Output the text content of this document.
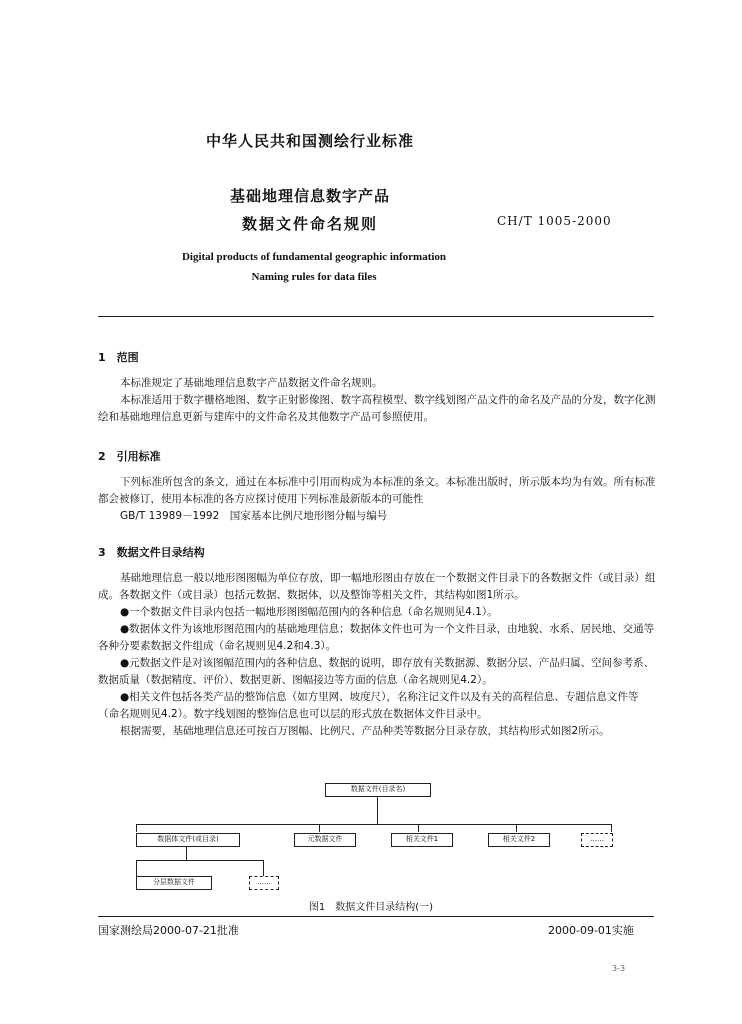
中华人民共和国测绘行业标准
基础地理信息数字产品
数据文件命名规则	CH/T 1005-2000
Digital products of fundamental geographic information
Naming rules for data files
1　范围

本标准规定了基础地理信息数字产品数据文件命名规则。

本标准适用于数字栅格地图、数字正射影像图、数字高程模型、数字线划图产品文件的命名及产品的分发，数字化测绘和基础地理信息更新与建库中的文件命名及其他数字产品可参照使用。

2　引用标准

下列标准所包含的条文，通过在本标准中引用而构成为本标准的条文。本标准出版时，所示版本均为有效。所有标准都会被修订，使用本标准的各方应探讨使用下列标准最新版本的可能性

GB/T 13989－1992　国家基本比例尺地形图分幅与编号

3　数据文件目录结构

基础地理信息一般以地形图图幅为单位存放，即一幅地形图由存放在一个数据文件目录下的各数据文件（或目录）组成。各数据文件（或目录）包括元数据、数据体，以及整饰等相关文件，其结构如图1所示。

●一个数据文件目录内包括一幅地形图图幅范围内的各种信息（命名规则见4.1）。

●数据体文件为该地形图范围内的基础地理信息；数据体文件也可为一个文件目录，由地貌、水系、居民地、交通等各种分要素数据文件组成（命名规则见4.2和4.3）。

●元数据文件是对该图幅范围内的各种信息、数据的说明，即存放有关数据源、数据分层、产品归属、空间参考系、数据质量（数据精度、评价）、数据更新、图幅接边等方面的信息（命名规则见4.2）。

●相关文件包括各类产品的整饰信息（如方里网、坡度尺），名称注记文件以及有关的高程信息、专题信息文件等（命名规则见4.2）。数字线划图的整饰信息也可以层的形式放在数据体文件目录中。

根据需要，基础地理信息还可按百万图幅、比例尺、产品种类等数据分目录存放，其结构形式如图2所示。

数据文件(目录名)
数据体文件(或目录)	元数据文件	相关文件1	相关文件2	……
分层数据文件	……
图1　数据文件目录结构(一)
国家测绘局2000-07-21批准	2000-09-01实施
3-3
